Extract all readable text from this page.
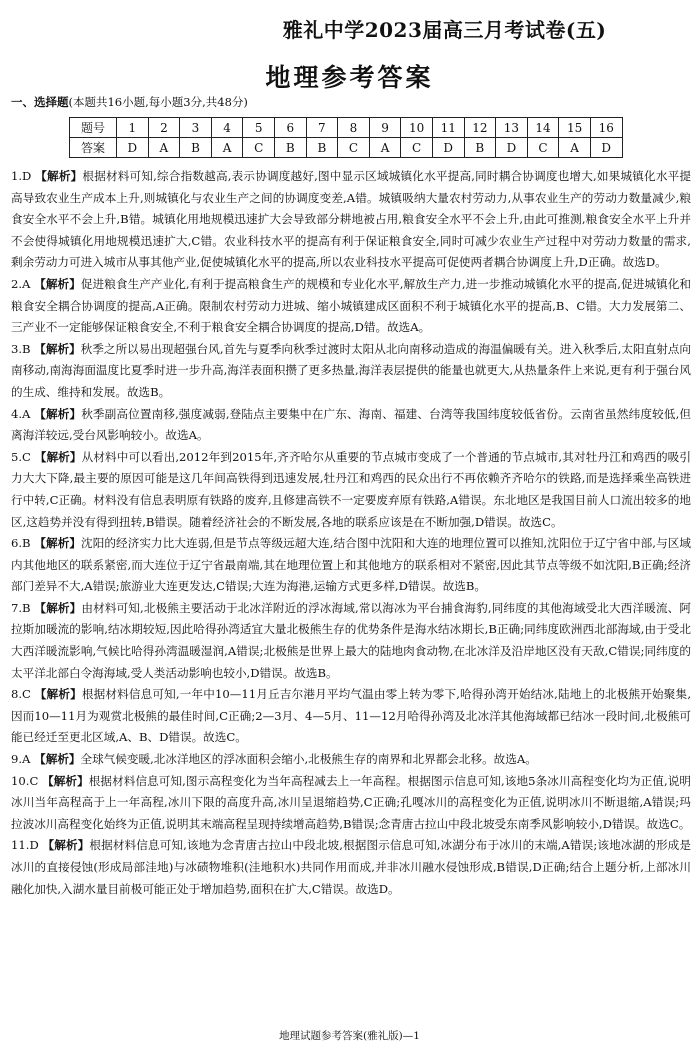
雅礼中学2023届高三月考试卷(五)
地理参考答案
一、选择题(本题共16小题,每小题3分,共48分)
题号	1	2	3	4	5	6	7	8	9	10	11	12	13	14	15	16
答案	D	A	B	A	C	B	B	C	A	C	D	B	D	C	A	D

1.D 【解析】根据材料可知,综合指数越高,表示协调度越好,图中显示区域城镇化水平提高,同时耦合协调度也增大,如果城镇化水平提高导致农业生产成本上升,则城镇化与农业生产之间的协调度变差,A错。城镇吸纳大量农村劳动力,从事农业生产的劳动力数量减少,粮食安全水平不会上升,B错。城镇化用地规模迅速扩大会导致部分耕地被占用,粮食安全水平不会上升,由此可推测,粮食安全水平上升并不会使得城镇化用地规模迅速扩大,C错。农业科技水平的提高有利于保证粮食安全,同时可减少农业生产过程中对劳动力数量的需求,剩余劳动力可进入城市从事其他产业,促使城镇化水平的提高,所以农业科技水平提高可促使两者耦合协调度上升,D正确。故选D。

2.A 【解析】促进粮食生产产业化,有利于提高粮食生产的规模和专业化水平,解放生产力,进一步推动城镇化水平的提高,促进城镇化和粮食安全耦合协调度的提高,A正确。限制农村劳动力进城、缩小城镇建成区面积不利于城镇化水平的提高,B、C错。大力发展第二、三产业不一定能够保证粮食安全,不利于粮食安全耦合协调度的提高,D错。故选A。

3.B 【解析】秋季之所以易出现超强台风,首先与夏季向秋季过渡时太阳从北向南移动造成的海温偏暖有关。进入秋季后,太阳直射点向南移动,南海海面温度比夏季时进一步升高,海洋表面积攒了更多热量,海洋表层提供的能量也就更大,从热量条件上来说,更有利于强台风的生成、维持和发展。故选B。

4.A 【解析】秋季副高位置南移,强度减弱,登陆点主要集中在广东、海南、福建、台湾等我国纬度较低省份。云南省虽然纬度较低,但离海洋较远,受台风影响较小。故选A。

5.C 【解析】从材料中可以看出,2012年到2015年,齐齐哈尔从重要的节点城市变成了一个普通的节点城市,其对牡丹江和鸡西的吸引力大大下降,最主要的原因可能是这几年间高铁得到迅速发展,牡丹江和鸡西的民众出行不再依赖齐齐哈尔的铁路,而是选择乘坐高铁进行中转,C正确。材料没有信息表明原有铁路的废弃,且修建高铁不一定要废弃原有铁路,A错误。东北地区是我国目前人口流出较多的地区,这趋势并没有得到扭转,B错误。随着经济社会的不断发展,各地的联系应该是在不断加强,D错误。故选C。

6.B 【解析】沈阳的经济实力比大连弱,但是节点等级远超大连,结合图中沈阳和大连的地理位置可以推知,沈阳位于辽宁省中部,与区域内其他地区的联系紧密,而大连位于辽宁省最南端,其在地理位置上和其他地方的联系相对不紧密,因此其节点等级不如沈阳,B正确;经济部门差异不大,A错误;旅游业大连更发达,C错误;大连为海港,运输方式更多样,D错误。故选B。

7.B 【解析】由材料可知,北极熊主要活动于北冰洋附近的浮冰海域,常以海冰为平台捕食海豹,同纬度的其他海域受北大西洋暖流、阿拉斯加暖流的影响,结冰期较短,因此哈得孙湾适宜大量北极熊生存的优势条件是海水结冰期长,B正确;同纬度欧洲西北部海域,由于受北大西洋暖流影响,气候比哈得孙湾温暖湿润,A错误;北极熊是世界上最大的陆地肉食动物,在北冰洋及沿岸地区没有天敌,C错误;同纬度的太平洋北部白令海海域,受人类活动影响也较小,D错误。故选B。

8.C 【解析】根据材料信息可知,一年中10—11月丘吉尔港月平均气温由零上转为零下,哈得孙湾开始结冰,陆地上的北极熊开始聚集,因而10—11月为观赏北极熊的最佳时间,C正确;2—3月、4—5月、11—12月哈得孙湾及北冰洋其他海域都已结冰一段时间,北极熊可能已经迁至更北区域,A、B、D错误。故选C。

9.A 【解析】全球气候变暖,北冰洋地区的浮冰面积会缩小,北极熊生存的南界和北界都会北移。故选A。

10.C 【解析】根据材料信息可知,图示高程变化为当年高程减去上一年高程。根据图示信息可知,该地5条冰川高程变化均为正值,说明冰川当年高程高于上一年高程,冰川下限的高度升高,冰川呈退缩趋势,C正确;孔嘎冰川的高程变化为正值,说明冰川不断退缩,A错误;玛拉波冰川高程变化始终为正值,说明其末端高程呈现持续增高趋势,B错误;念青唐古拉山中段北坡受东南季风影响较小,D错误。故选C。

11.D 【解析】根据材料信息可知,该地为念青唐古拉山中段北坡,根据图示信息可知,冰湖分布于冰川的末端,A错误;该地冰湖的形成是冰川的直接侵蚀(形成局部洼地)与冰碛物堆积(洼地积水)共同作用而成,并非冰川融水侵蚀形成,B错误,D正确;结合上题分析,上部冰川融化加快,入湖水量目前极可能正处于增加趋势,面积在扩大,C错误。故选D。

地理试题参考答案(雅礼版)—1
